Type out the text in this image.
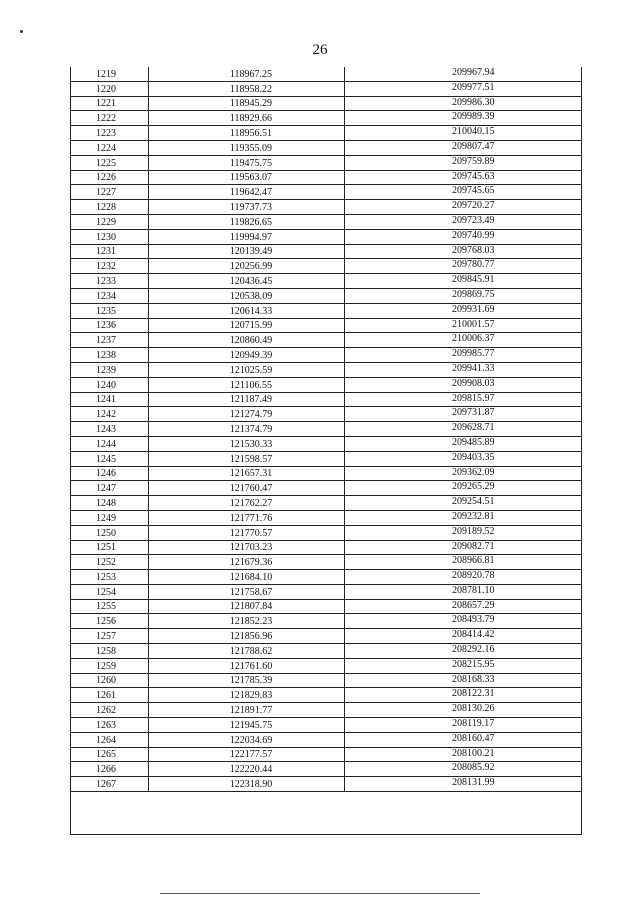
26
1219	118967.25	209967.94
1220	118958.22	209977.51
1221	118945.29	209986.30
1222	118929.66	209989.39
1223	118956.51	210040.15
1224	119355.09	209807.47
1225	119475.75	209759.89
1226	119563.07	209745.63
1227	119642.47	209745.65
1228	119737.73	209720.27
1229	119826.65	209723.49
1230	119994.97	209740.99
1231	120139.49	209768.03
1232	120256.99	209780.77
1233	120436.45	209845.91
1234	120538.09	209869.75
1235	120614.33	209931.69
1236	120715.99	210001.57
1237	120860.49	210006.37
1238	120949.39	209985.77
1239	121025.59	209941.33
1240	121106.55	209908.03
1241	121187.49	209815.97
1242	121274.79	209731.87
1243	121374.79	209628.71
1244	121530.33	209485.89
1245	121598.57	209403.35
1246	121657.31	209362.09
1247	121760.47	209265.29
1248	121762.27	209254.51
1249	121771.76	209232.81
1250	121770.57	209189.52
1251	121703.23	209082.71
1252	121679.36	208966.81
1253	121684.10	208920.78
1254	121758.67	208781.10
1255	121807.84	208657.29
1256	121852.23	208493.79
1257	121856.96	208414.42
1258	121788.62	208292.16
1259	121761.60	208215.95
1260	121785.39	208168.33
1261	121829.83	208122.31
1262	121891.77	208130.26
1263	121945.75	208119.17
1264	122034.69	208160.47
1265	122177.57	208100.21
1266	122220.44	208085.92
1267	122318.90	208131.99
